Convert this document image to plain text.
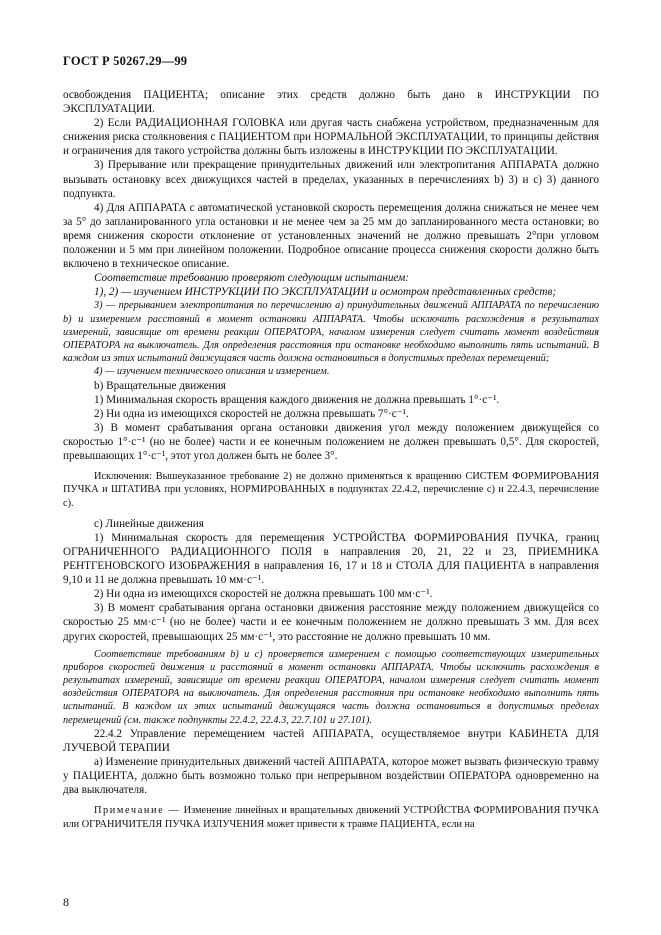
ГОСТ Р 50267.29—99

освобождения ПАЦИЕНТА; описание этих средств должно быть дано в ИНСТРУКЦИИ ПО ЭКСПЛУАТАЦИИ.

2) Если РАДИАЦИОННАЯ ГОЛОВКА или другая часть снабжена устройством, предназначенным для снижения риска столкновения с ПАЦИЕНТОМ при НОРМАЛЬНОЙ ЭКСПЛУАТАЦИИ, то принципы действия и ограничения для такого устройства должны быть изложены в ИНСТРУКЦИИ ПО ЭКСПЛУАТАЦИИ.

3) Прерывание или прекращение принудительных движений или электропитания АППАРАТА должно вызывать остановку всех движущихся частей в пределах, указанных в перечислениях b) 3) и c) 3) данного подпункта.

4) Для АППАРАТА с автоматической установкой скорость перемещения должна снижаться не менее чем за 5° до запланированного угла остановки и не менее чем за 25 мм до запланированного места остановки; во время снижения скорости отклонение от установленных значений не должно превышать 2°при угловом положении и 5 мм при линейном положении. Подробное описание процесса снижения скорости должно быть включено в техническое описание.

Соответствие требованию проверяют следующим испытанием:

1), 2) — изучением ИНСТРУКЦИИ ПО ЭКСПЛУАТАЦИИ и осмотром представленных средств;

3) — прерыванием электропитания по перечислению а) принудительных движений АППАРАТА по перечислению b) и измерением расстояний в момент остановки АППАРАТА. Чтобы исключить расхождения в результатах измерений, зависящие от времени реакции ОПЕРАТОРА, началом измерения следует считать момент воздействия ОПЕРАТОРА на выключатель. Для определения расстояния при остановке необходимо выполнить пять испытаний. В каждом из этих испытаний движущаяся часть должна остановиться в допустимых пределах перемещений;

4) — изучением технического описания и измерением.

b) Вращательные движения

1) Минимальная скорость вращения каждого движения не должна превышать 1°·с⁻¹.

2) Ни одна из имеющихся скоростей не должна превышать 7°·с⁻¹.

3) В момент срабатывания органа остановки движения угол между положением движущейся со скоростью 1°·с⁻¹ (но не более) части и ее конечным положением не должен превышать 0,5°. Для скоростей, превышающих 1°·с⁻¹, этот угол должен быть не более 3°.

Исключения: Вышеуказанное требование 2) не должно применяться к вращению СИСТЕМ ФОРМИРОВАНИЯ ПУЧКА и ШТАТИВА при условиях, НОРМИРОВАННЫХ в подпунктах 22.4.2, перечисление с) и 22.4.3, перечисление с).

с) Линейные движения

1) Минимальная скорость для перемещения УСТРОЙСТВА ФОРМИРОВАНИЯ ПУЧКА, границ ОГРАНИЧЕННОГО РАДИАЦИОННОГО ПОЛЯ в направления 20, 21, 22 и 23, ПРИЕМНИКА РЕНТГЕНОВСКОГО ИЗОБРАЖЕНИЯ в направления 16, 17 и 18 и СТОЛА ДЛЯ ПАЦИЕНТА в направления 9,10 и 11 не должна превышать 10 мм·с⁻¹.

2) Ни одна из имеющихся скоростей не должна превышать 100 мм·с⁻¹.

3) В момент срабатывания органа остановки движения расстояние между положением движущейся со скоростью 25 мм·с⁻¹ (но не более) части и ее конечным положением не должно превышать 3 мм. Для всех других скоростей, превышающих 25 мм·с⁻¹, это расстояние не должно превышать 10 мм.

Соответствие требованиям b) и с) проверяется измерением с помощью соответствующих измерительных приборов скоростей движения и расстояний в момент остановки АППАРАТА. Чтобы исключить расхождения в результатах измерений, зависящие от времени реакции ОПЕРАТОРА, началом измерения следует считать момент воздействия ОПЕРАТОРА на выключатель. Для определения расстояния при остановке необходимо выполнить пять испытаний. В каждом их этих испытаний движущаяся часть должна остановиться в допустимых пределах перемещений (см. также подпункты 22.4.2, 22.4.3, 22.7.101 и 27.101).

22.4.2 Управление перемещением частей АППАРАТА, осуществляемое внутри КАБИНЕТА ДЛЯ ЛУЧЕВОЙ ТЕРАПИИ

а) Изменение принудительных движений частей АППАРАТА, которое может вызвать физическую травму у ПАЦИЕНТА, должно быть возможно только при непрерывном воздействии ОПЕРАТОРА одновременно на два выключателя.

Примечание — Изменение линейных и вращательных движений УСТРОЙСТВА ФОРМИРОВАНИЯ ПУЧКА или ОГРАНИЧИТЕЛЯ ПУЧКА ИЗЛУЧЕНИЯ может привести к травме ПАЦИЕНТА, если на

8
